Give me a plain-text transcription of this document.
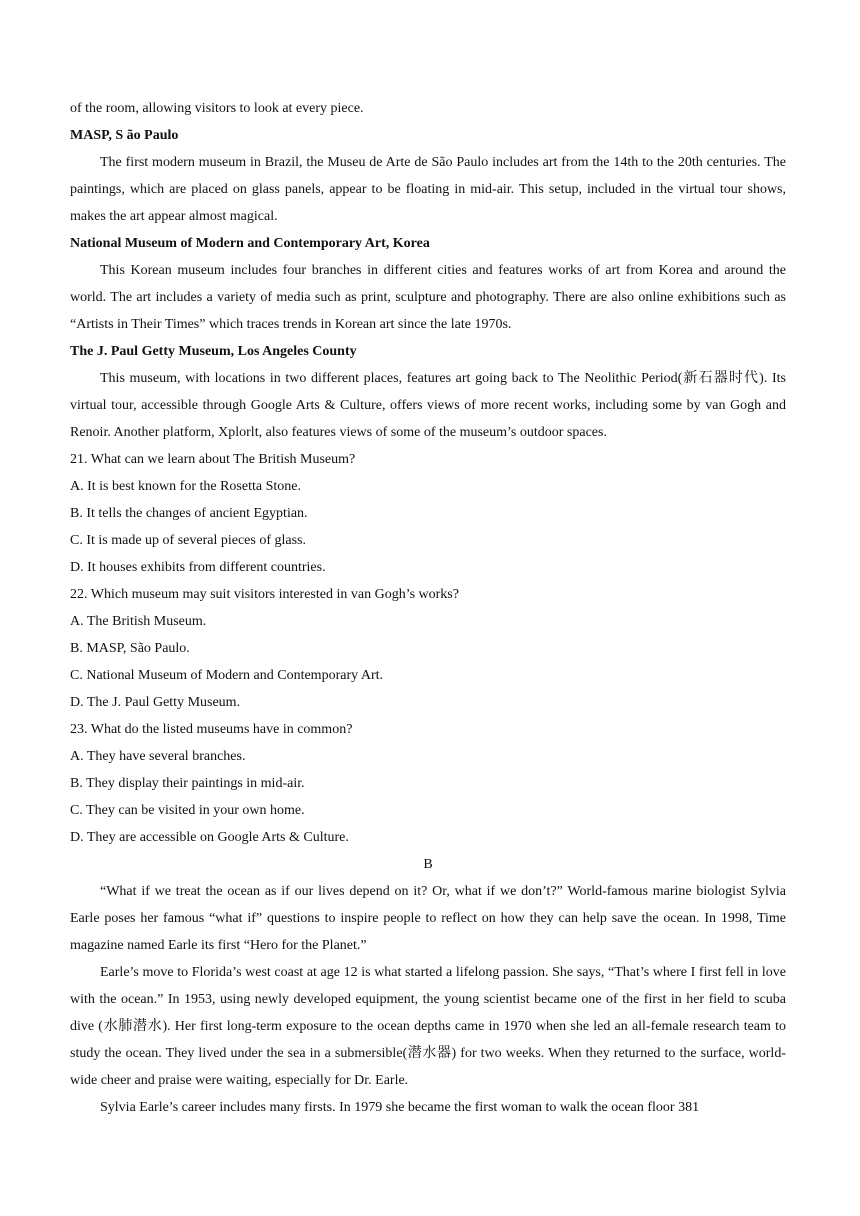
of the room, allowing visitors to look at every piece.

MASP, S ão Paulo

The first modern museum in Brazil, the Museu de Arte de São Paulo includes art from the 14th to the 20th centuries. The paintings, which are placed on glass panels, appear to be floating in mid-air. This setup, included in the virtual tour shows, makes the art appear almost magical.

National Museum of Modern and Contemporary Art, Korea

This Korean museum includes four branches in different cities and features works of art from Korea and around the world. The art includes a variety of media such as print, sculpture and photography. There are also online exhibitions such as “Artists in Their Times” which traces trends in Korean art since the late 1970s.

The J. Paul Getty Museum, Los Angeles County

This museum, with locations in two different places, features art going back to The Neolithic Period(新石器时代). Its virtual tour, accessible through Google Arts & Culture, offers views of more recent works, including some by van Gogh and Renoir. Another platform, Xplorlt, also features views of some of the museum’s outdoor spaces.

21. What can we learn about The British Museum?
A. It is best known for the Rosetta Stone.
B. It tells the changes of ancient Egyptian.
C. It is made up of several pieces of glass.
D. It houses exhibits from different countries.
22. Which museum may suit visitors interested in van Gogh’s works?
A. The British Museum.
B. MASP, São Paulo.
C. National Museum of Modern and Contemporary Art.
D. The J. Paul Getty Museum.
23. What do the listed museums have in common?
A. They have several branches.
B. They display their paintings in mid-air.
C. They can be visited in your own home.
D. They are accessible on Google Arts & Culture.

B

“What if we treat the ocean as if our lives depend on it? Or, what if we don’t?” World-famous marine biologist Sylvia Earle poses her famous “what if” questions to inspire people to reflect on how they can help save the ocean. In 1998, Time magazine named Earle its first “Hero for the Planet.”

Earle’s move to Florida’s west coast at age 12 is what started a lifelong passion. She says, “That’s where I first fell in love with the ocean.” In 1953, using newly developed equipment, the young scientist became one of the first in her field to scuba dive (水肺潜水). Her first long-term exposure to the ocean depths came in 1970 when she led an all-female research team to study the ocean. They lived under the sea in a submersible(潜水器) for two weeks. When they returned to the surface, world-wide cheer and praise were waiting, especially for Dr. Earle.

Sylvia Earle’s career includes many firsts. In 1979 she became the first woman to walk the ocean floor 381
